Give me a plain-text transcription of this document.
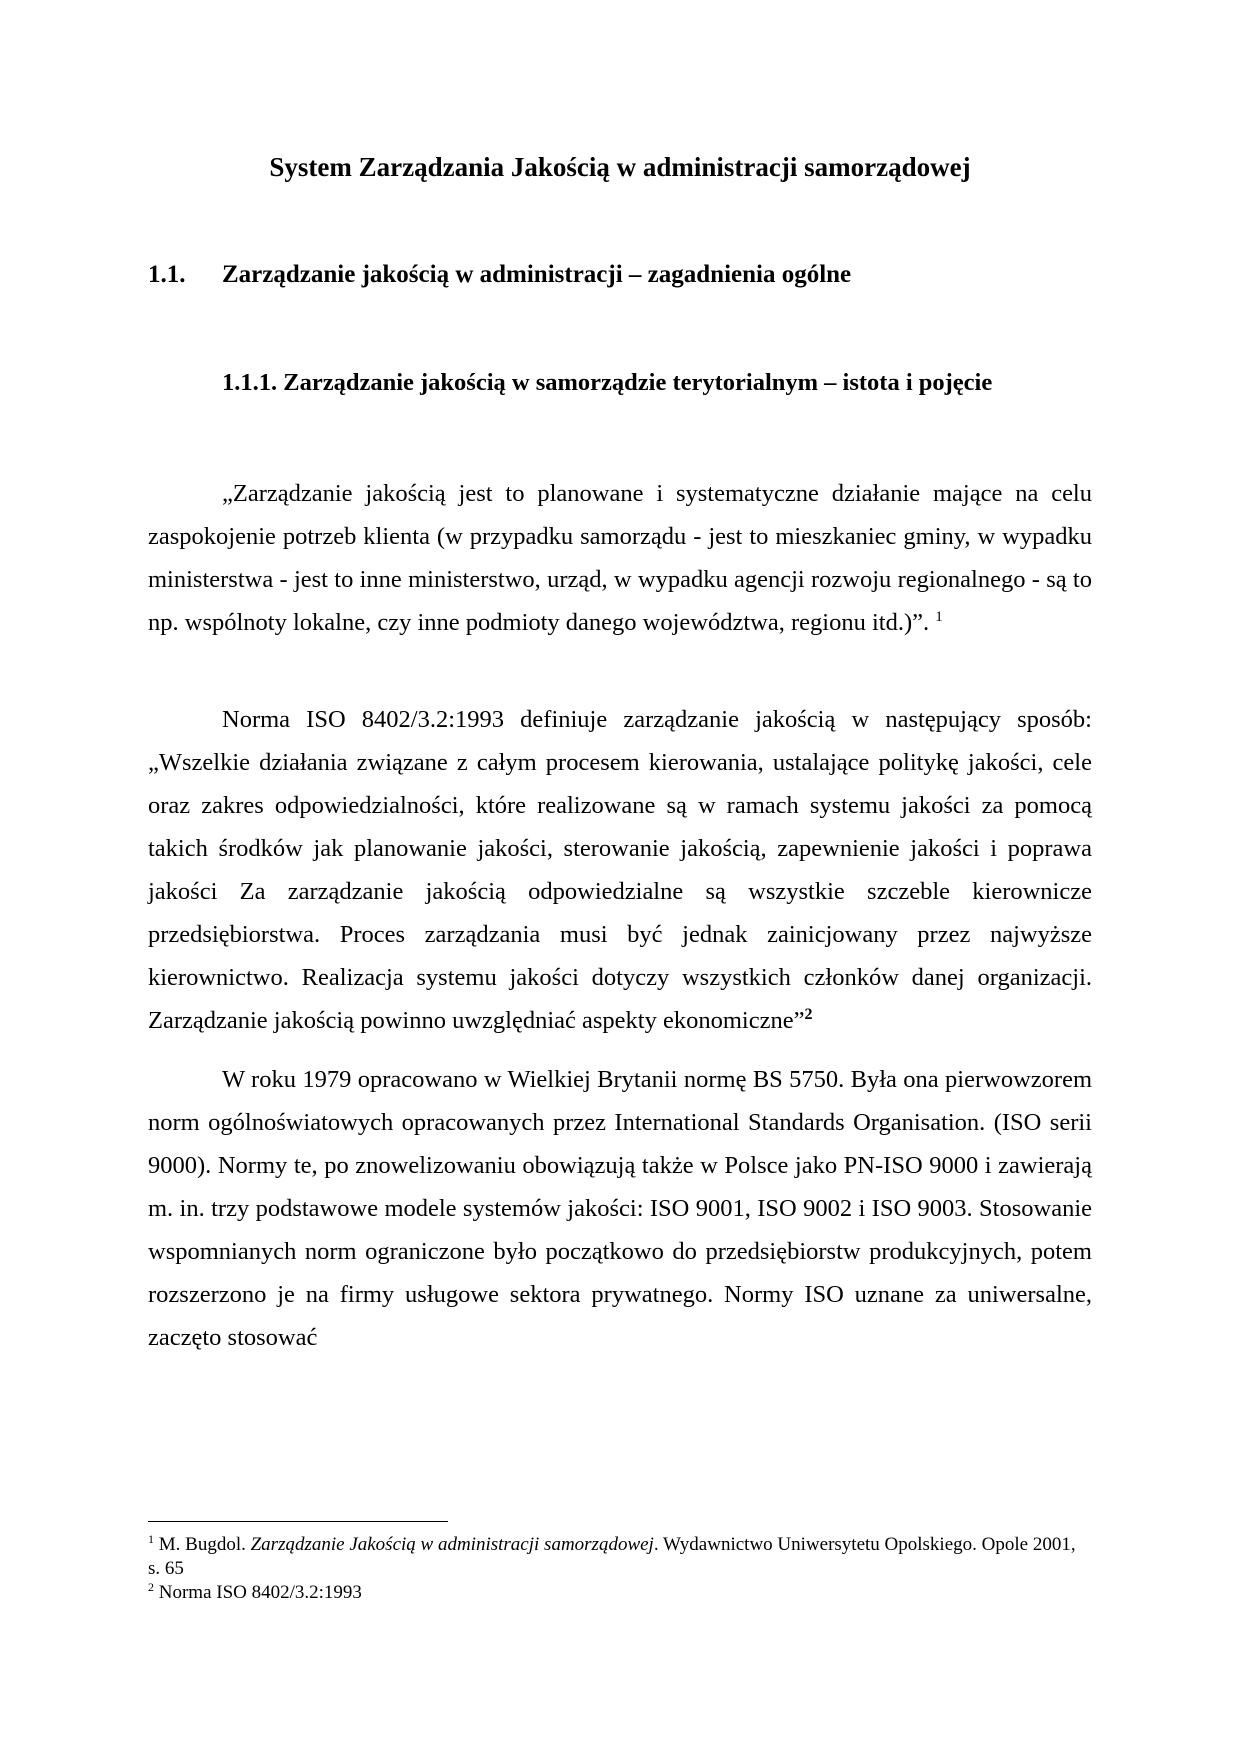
System Zarządzania Jakością w administracji samorządowej
1.1. Zarządzanie jakością w administracji – zagadnienia ogólne
1.1.1. Zarządzanie jakością w samorządzie terytorialnym – istota i pojęcie

„Zarządzanie jakością jest to planowane i systematyczne działanie mające na celu zaspokojenie potrzeb klienta (w przypadku samorządu - jest to mieszkaniec gminy, w wypadku ministerstwa - jest to inne ministerstwo, urząd, w wypadku agencji rozwoju regionalnego - są to np. wspólnoty lokalne, czy inne podmioty danego województwa, regionu itd.)”. $^1$

Norma ISO 8402/3.2:1993 definiuje zarządzanie jakością w następujący sposób: „Wszelkie działania związane z całym procesem kierowania, ustalające politykę jakości, cele oraz zakres odpowiedzialności, które realizowane są w ramach systemu jakości za pomocą takich środków jak planowanie jakości, sterowanie jakością, zapewnienie jakości i poprawa jakości Za zarządzanie jakością odpowiedzialne są wszystkie szczeble kierownicze przedsiębiorstwa. Proces zarządzania musi być jednak zainicjowany przez najwyższe kierownictwo. Realizacja systemu jakości dotyczy wszystkich członków danej organizacji. Zarządzanie jakością powinno uwzględniać aspekty ekonomiczne”$^2$

W roku 1979 opracowano w Wielkiej Brytanii normę BS 5750. Była ona pierwowzorem norm ogólnoświatowych opracowanych przez International Standards Organisation. (ISO serii 9000). Normy te, po znowelizowaniu obowiązują także w Polsce jako PN-ISO 9000 i zawierają m. in. trzy podstawowe modele systemów jakości: ISO 9001, ISO 9002 i ISO 9003. Stosowanie wspomnianych norm ograniczone było początkowo do przedsiębiorstw produkcyjnych, potem rozszerzono je na firmy usługowe sektora prywatnego. Normy ISO uznane za uniwersalne, zaczęto stosować

$^1$ M. Bugdol. Zarządzanie Jakością w administracji samorządowej. Wydawnictwo Uniwersytetu Opolskiego. Opole 2001, s. 65

$^2$ Norma ISO 8402/3.2:1993
